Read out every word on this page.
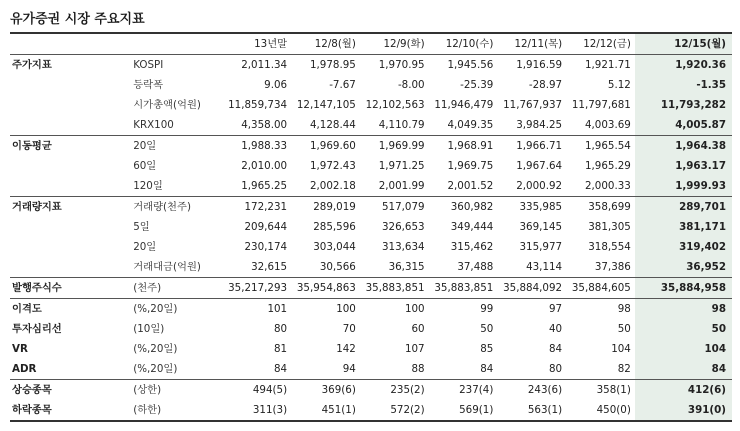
유가증권 시장 주요지표
		13년말	12/8(월)	12/9(화)	12/10(수)	12/11(목)	12/12(금)	12/15(월)
주가지표	KOSPI	2,011.34	1,978.95	1,970.95	1,945.56	1,916.59	1,921.71	1,920.36
	등락폭	9.06	-7.67	-8.00	-25.39	-28.97	5.12	-1.35
	시가총액(억원)	11,859,734	12,147,105	12,102,563	11,946,479	11,767,937	11,797,681	11,793,282
	KRX100	4,358.00	4,128.44	4,110.79	4,049.35	3,984.25	4,003.69	4,005.87
이동평균	20일	1,988.33	1,969.60	1,969.99	1,968.91	1,966.71	1,965.54	1,964.38
	60일	2,010.00	1,972.43	1,971.25	1,969.75	1,967.64	1,965.29	1,963.17
	120일	1,965.25	2,002.18	2,001.99	2,001.52	2,000.92	2,000.33	1,999.93
거래량지표	거래량(천주)	172,231	289,019	517,079	360,982	335,985	358,699	289,701
	5일	209,644	285,596	326,653	349,444	369,145	381,305	381,171
	20일	230,174	303,044	313,634	315,462	315,977	318,554	319,402
	거래대금(억원)	32,615	30,566	36,315	37,488	43,114	37,386	36,952
발행주식수	(천주)	35,217,293	35,954,863	35,883,851	35,883,851	35,884,092	35,884,605	35,884,958
이격도	(%,20일)	101	100	100	99	97	98	98
투자심리선	(10일)	80	70	60	50	40	50	50
VR	(%,20일)	81	142	107	85	84	104	104
ADR	(%,20일)	84	94	88	84	80	82	84
상승종목	(상한)	494(5)	369(6)	235(2)	237(4)	243(6)	358(1)	412(6)
하락종목	(하한)	311(3)	451(1)	572(2)	569(1)	563(1)	450(0)	391(0)
